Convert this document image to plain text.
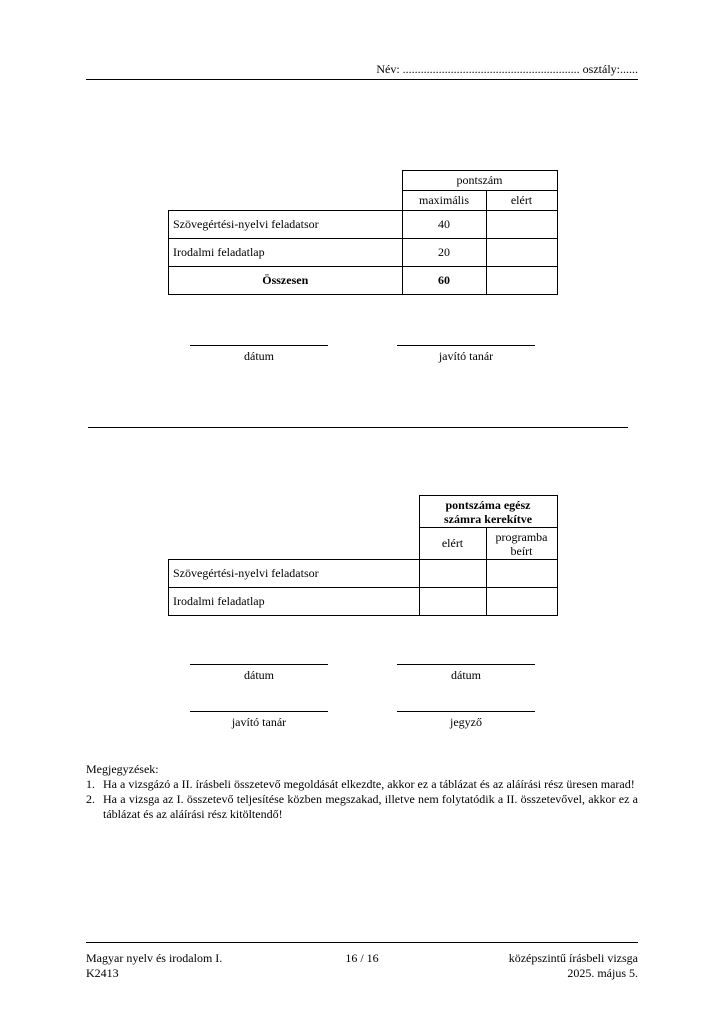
Név: ........................................................... osztály:......
	pontszám	
	maximális	elért
Szövegértési-nyelvi feladatsor	40	
Irodalmi feladatlap	20	
Összesen	60	
dátum	javító tanár
	pontszáma egész
számra kerekítve	
	elért	programba
beírt
Szövegértési-nyelvi feladatsor		
Irodalmi feladatlap		
dátum	dátum
javító tanár	jegyző
Megjegyzések:
1. Ha a vizsgázó a II. írásbeli összetevő megoldását elkezdte, akkor ez a táblázat és az aláírási rész üresen marad!
2. Ha a vizsga az I. összetevő teljesítése közben megszakad, illetve nem folytatódik a II. összetevővel, akkor ez a táblázat és az aláírási rész kitöltendő!
Magyar nyelv és irodalom I.
K2413
16 / 16	középszintű írásbeli vizsga
2025. május 5.
